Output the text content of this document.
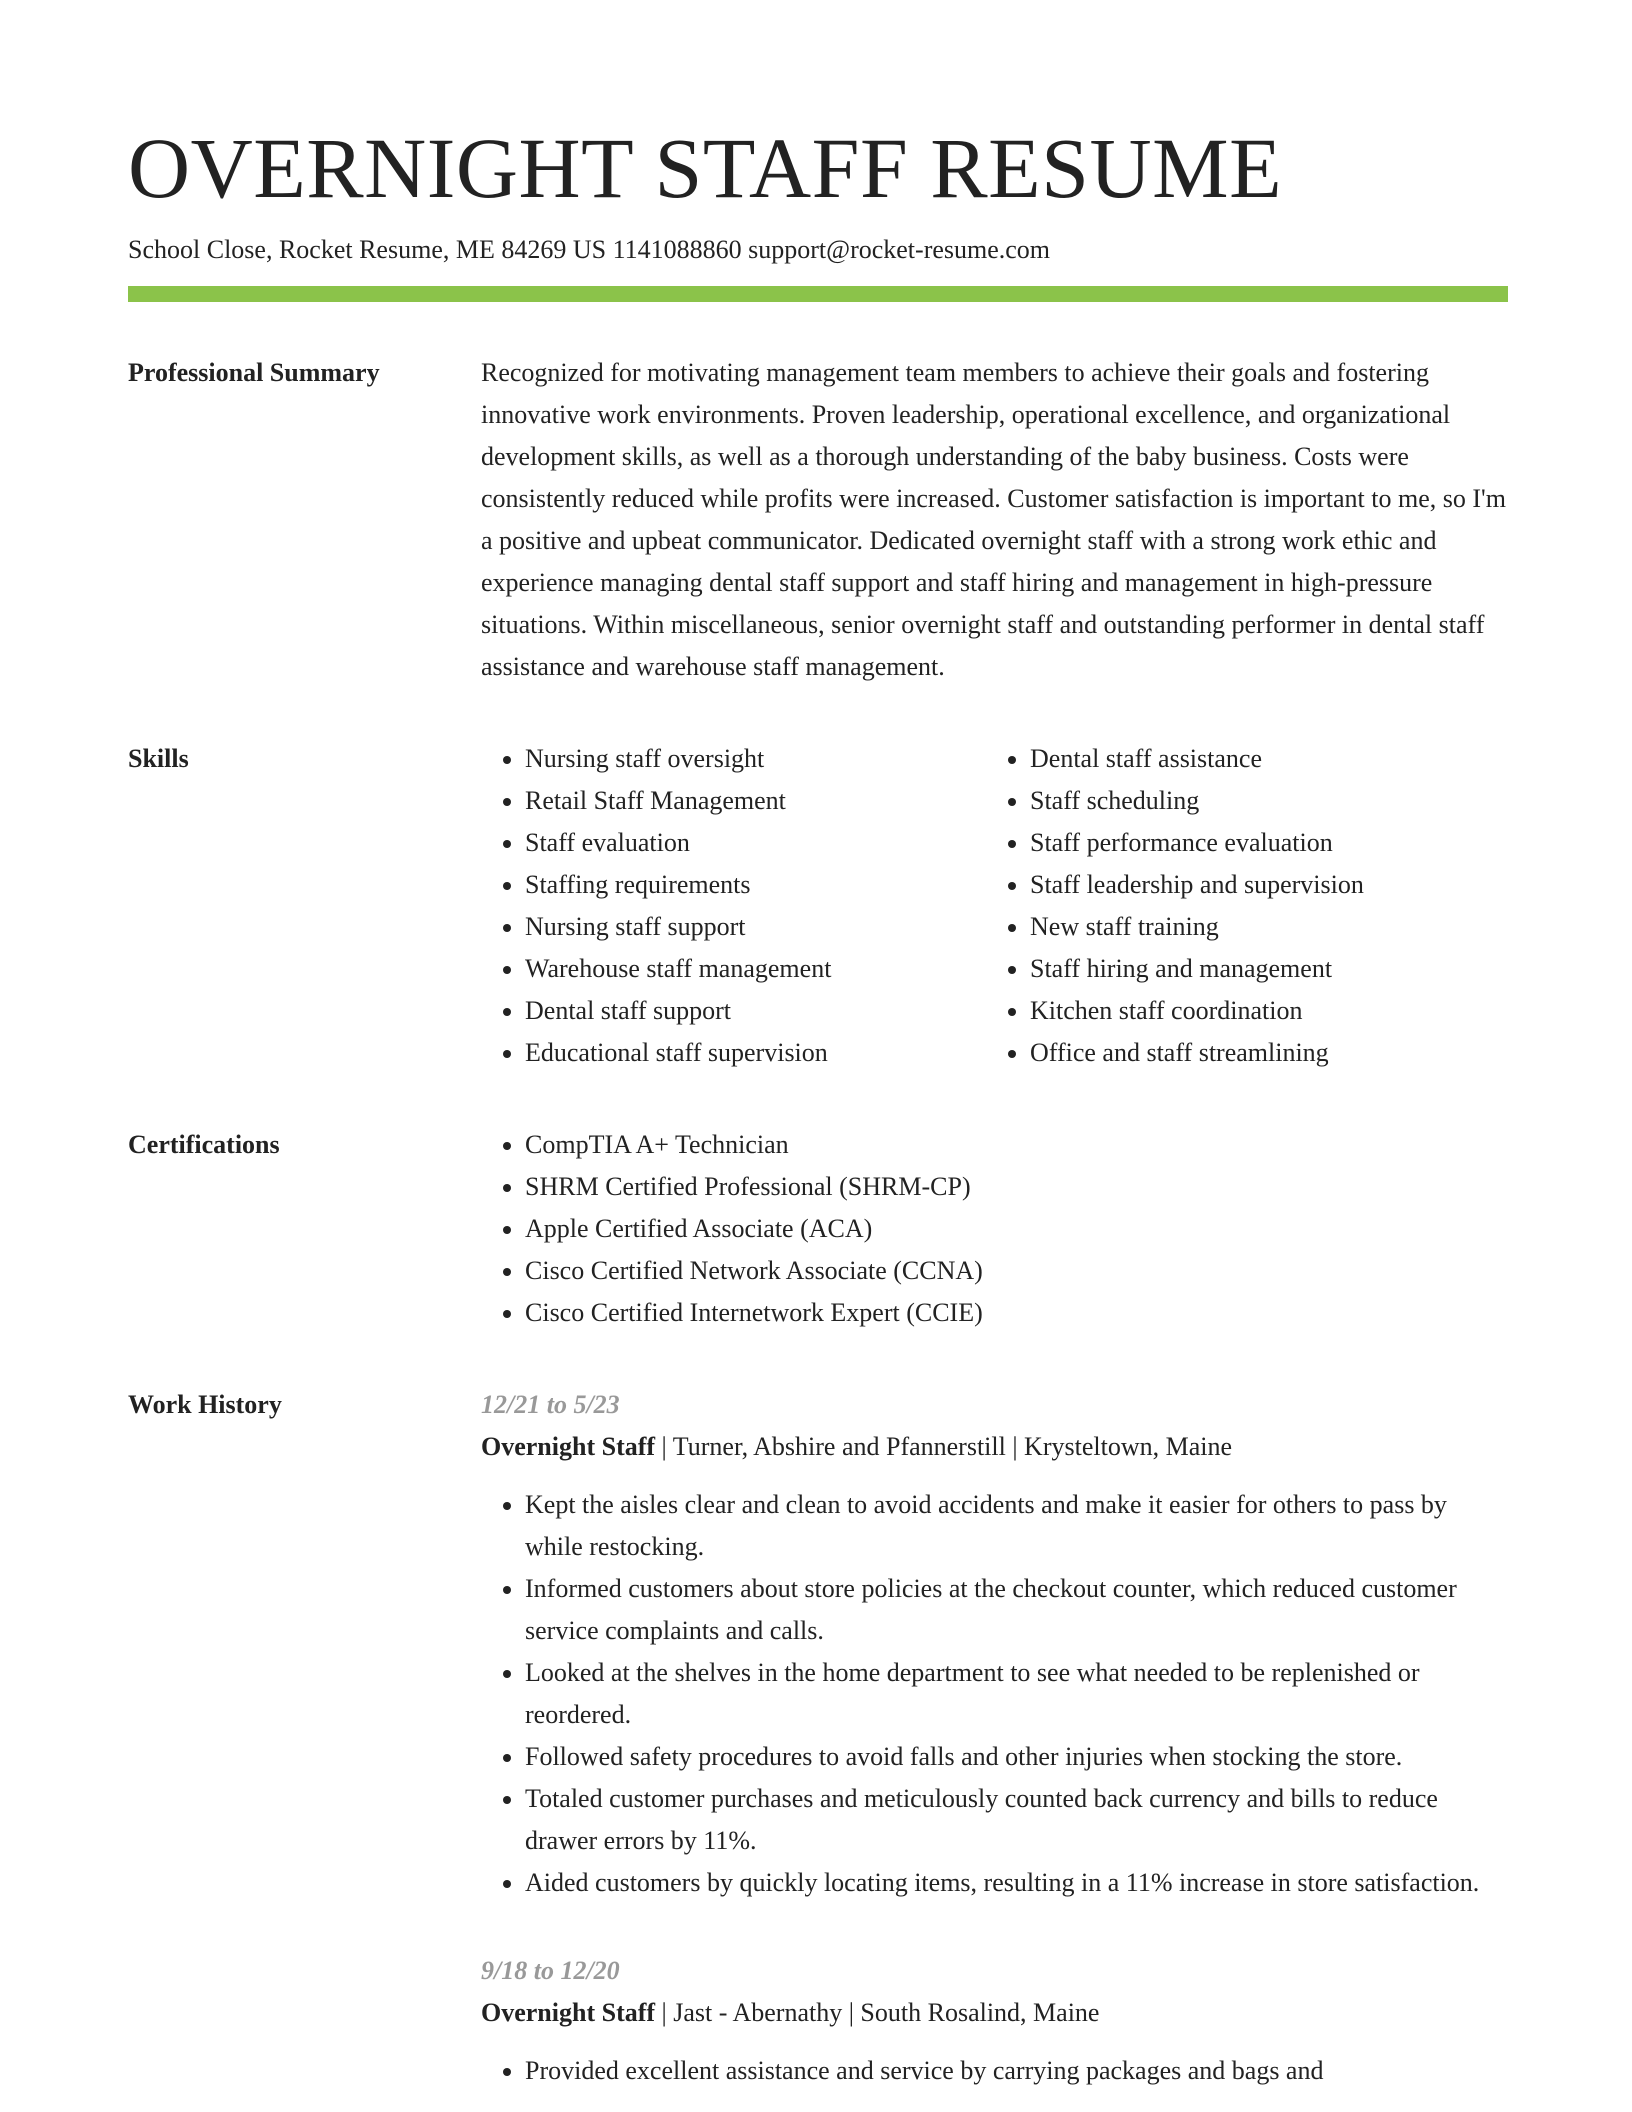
OVERNIGHT STAFF RESUME
School Close, Rocket Resume, ME 84269 US 1141088860 support@rocket-resume.com
Professional Summary	Recognized for motivating management team members to achieve their goals and fostering innovative work environments. Proven leadership, operational excellence, and organizational development skills, as well as a thorough understanding of the baby business. Costs were consistently reduced while profits were increased. Customer satisfaction is important to me, so I'm a positive and upbeat communicator. Dedicated overnight staff with a strong work ethic and experience managing dental staff support and staff hiring and management in high-pressure situations. Within miscellaneous, senior overnight staff and outstanding performer in dental staff assistance and warehouse staff management.

Skills	• Nursing staff oversight
• Retail Staff Management
• Staff evaluation
• Staffing requirements
• Nursing staff support
• Warehouse staff management
• Dental staff support
• Educational staff supervision
• Dental staff assistance
• Staff scheduling
• Staff performance evaluation
• Staff leadership and supervision
• New staff training
• Staff hiring and management
• Kitchen staff coordination
• Office and staff streamlining
Certifications	• CompTIA A+ Technician
• SHRM Certified Professional (SHRM-CP)
• Apple Certified Associate (ACA)
• Cisco Certified Network Associate (CCNA)
• Cisco Certified Internetwork Expert (CCIE)
Work History	12/21 to 5/23
Overnight Staff | Turner, Abshire and Pfannerstill | Krysteltown, Maine
• Kept the aisles clear and clean to avoid accidents and make it easier for others to pass by while restocking.
• Informed customers about store policies at the checkout counter, which reduced customer service complaints and calls.
• Looked at the shelves in the home department to see what needed to be replenished or reordered.
• Followed safety procedures to avoid falls and other injuries when stocking the store.
• Totaled customer purchases and meticulously counted back currency and bills to reduce drawer errors by 11%.
• Aided customers by quickly locating items, resulting in a 11% increase in store satisfaction.
9/18 to 12/20
Overnight Staff | Jast - Abernathy | South Rosalind, Maine
• Provided excellent assistance and service by carrying packages and bags and
